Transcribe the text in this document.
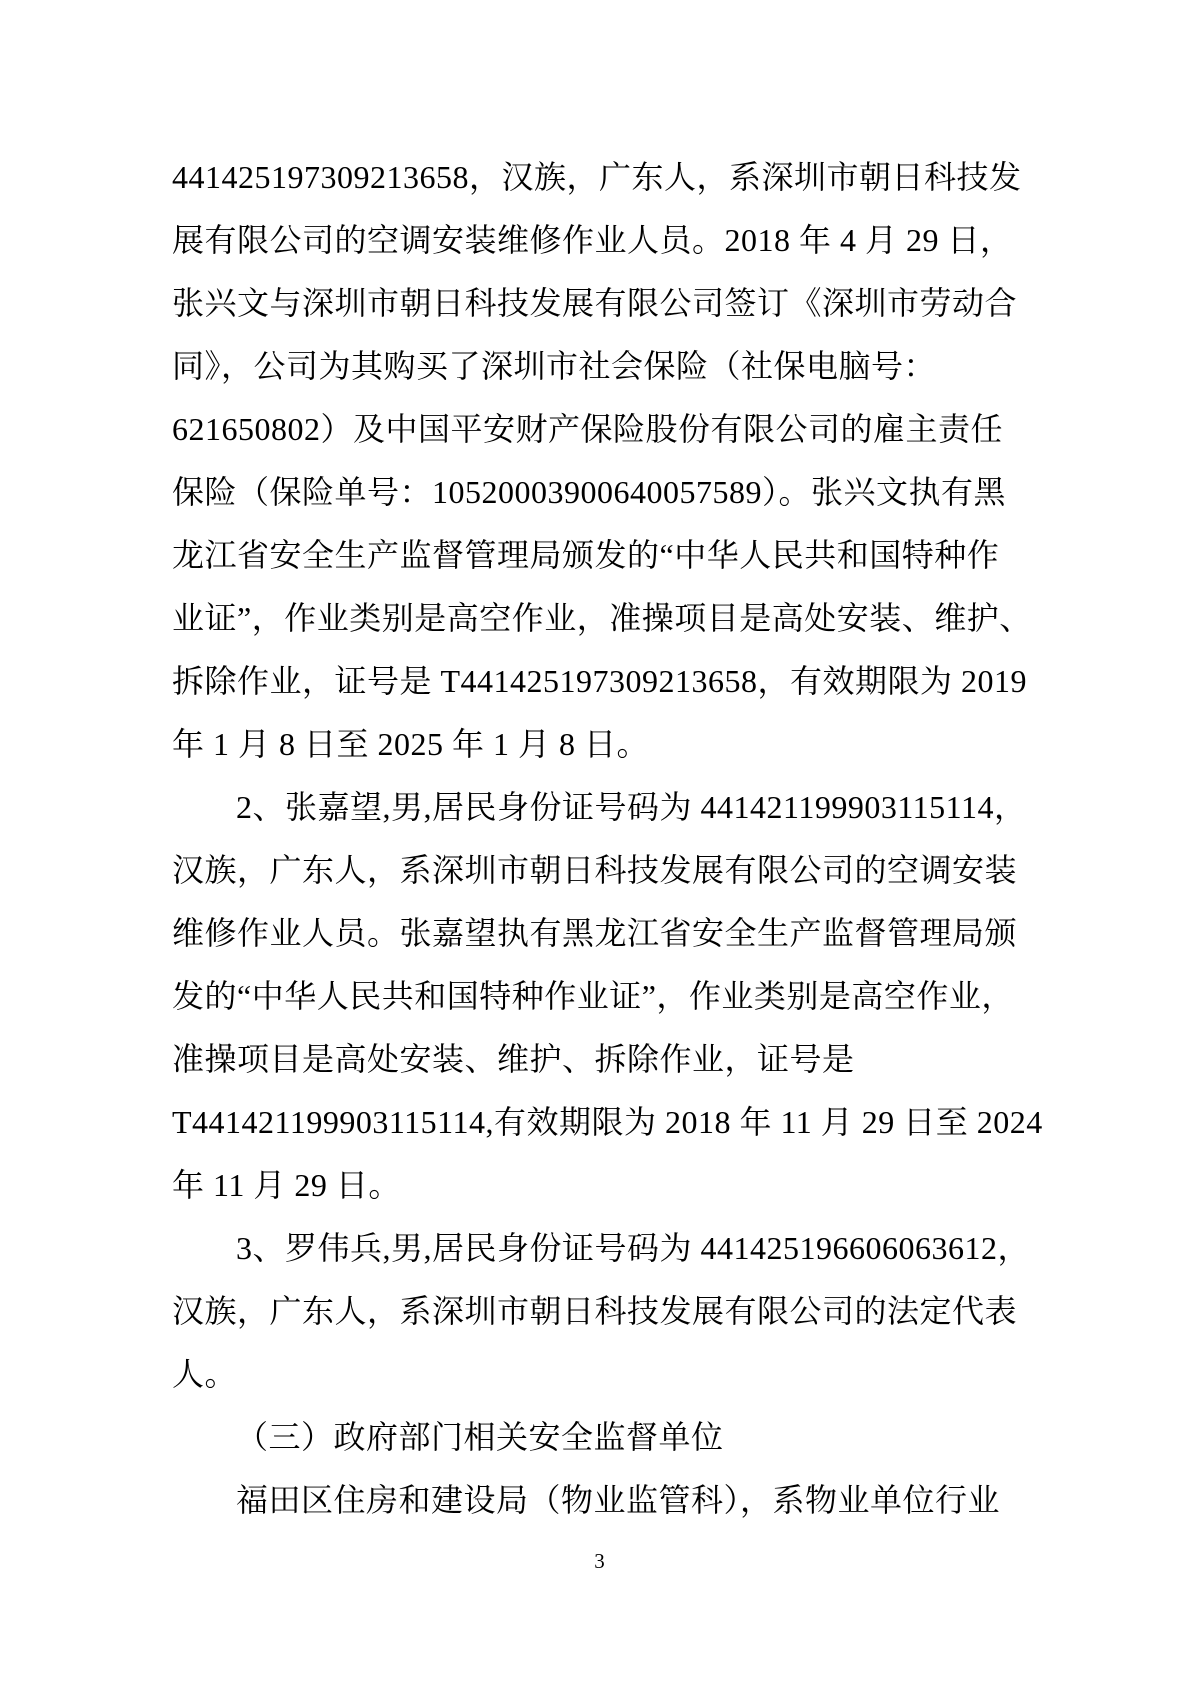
441425197309213658，汉族，广东人，系深圳市朝日科技发
展有限公司的空调安装维修作业人员。2018 年 4 月 29 日，
张兴文与深圳市朝日科技发展有限公司签订《深圳市劳动合
同》，公司为其购买了深圳市社会保险（社保电脑号：
621650802）及中国平安财产保险股份有限公司的雇主责任
保险（保险单号：10520003900640057589）。张兴文执有黑
龙江省安全生产监督管理局颁发的“中华人民共和国特种作
业证”，作业类别是高空作业，准操项目是高处安装、维护、
拆除作业，证号是 T441425197309213658，有效期限为 2019
年 1 月 8 日至 2025 年 1 月 8 日。
2、张嘉望,男,居民身份证号码为 441421199903115114，
汉族，广东人，系深圳市朝日科技发展有限公司的空调安装
维修作业人员。张嘉望执有黑龙江省安全生产监督管理局颁
发的“中华人民共和国特种作业证”，作业类别是高空作业，
准操项目是高处安装、维护、拆除作业，证号是
T441421199903115114,有效期限为 2018 年 11 月 29 日至 2024
年 11 月 29 日。
3、罗伟兵,男,居民身份证号码为 441425196606063612，
汉族，广东人，系深圳市朝日科技发展有限公司的法定代表
人。
（三）政府部门相关安全监督单位
福田区住房和建设局（物业监管科），系物业单位行业
3
